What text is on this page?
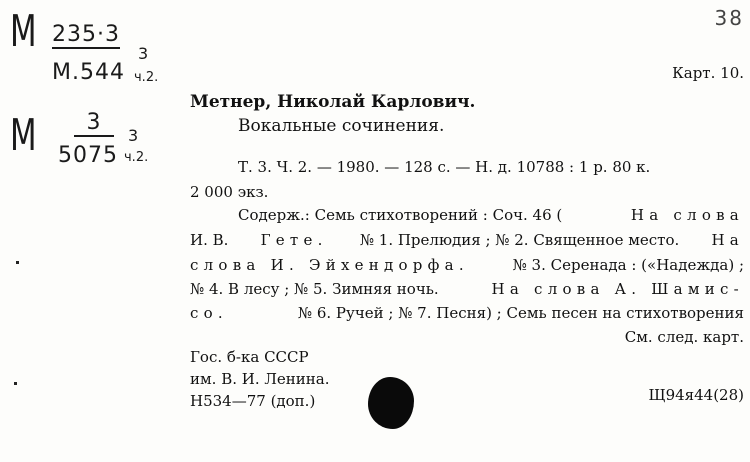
М 235·3
М.544
3
ч.2.
М	3
5075
3
ч.2.
38
Карт. 10.
Метнер, Николай Карлович.
Вокальные сочинения.
Т. 3. Ч. 2. — 1980. — 128 с. — Н. д. 10788 : 1 р. 80 к.
2 000 экз.
Содерж.: Семь стихотворений : Соч. 46 (	На слова
И. В. Гете. № 1. Прелюдия ; № 2. Священное место. На
слова И. Эйхендорфа.	№ 3. Серенада : («Надежда) ;
№ 4. В лесу ; № 5. Зимняя ночь.	На слова А. Шамис-
со.	№ 6. Ручей ; № 7. Песня) ; Семь песен на стихотворения
См. след. карт.
Гос. б-ка СССР
им. В. И. Ленина.
Н534—77 (доп.)	Щ94я44(28)
